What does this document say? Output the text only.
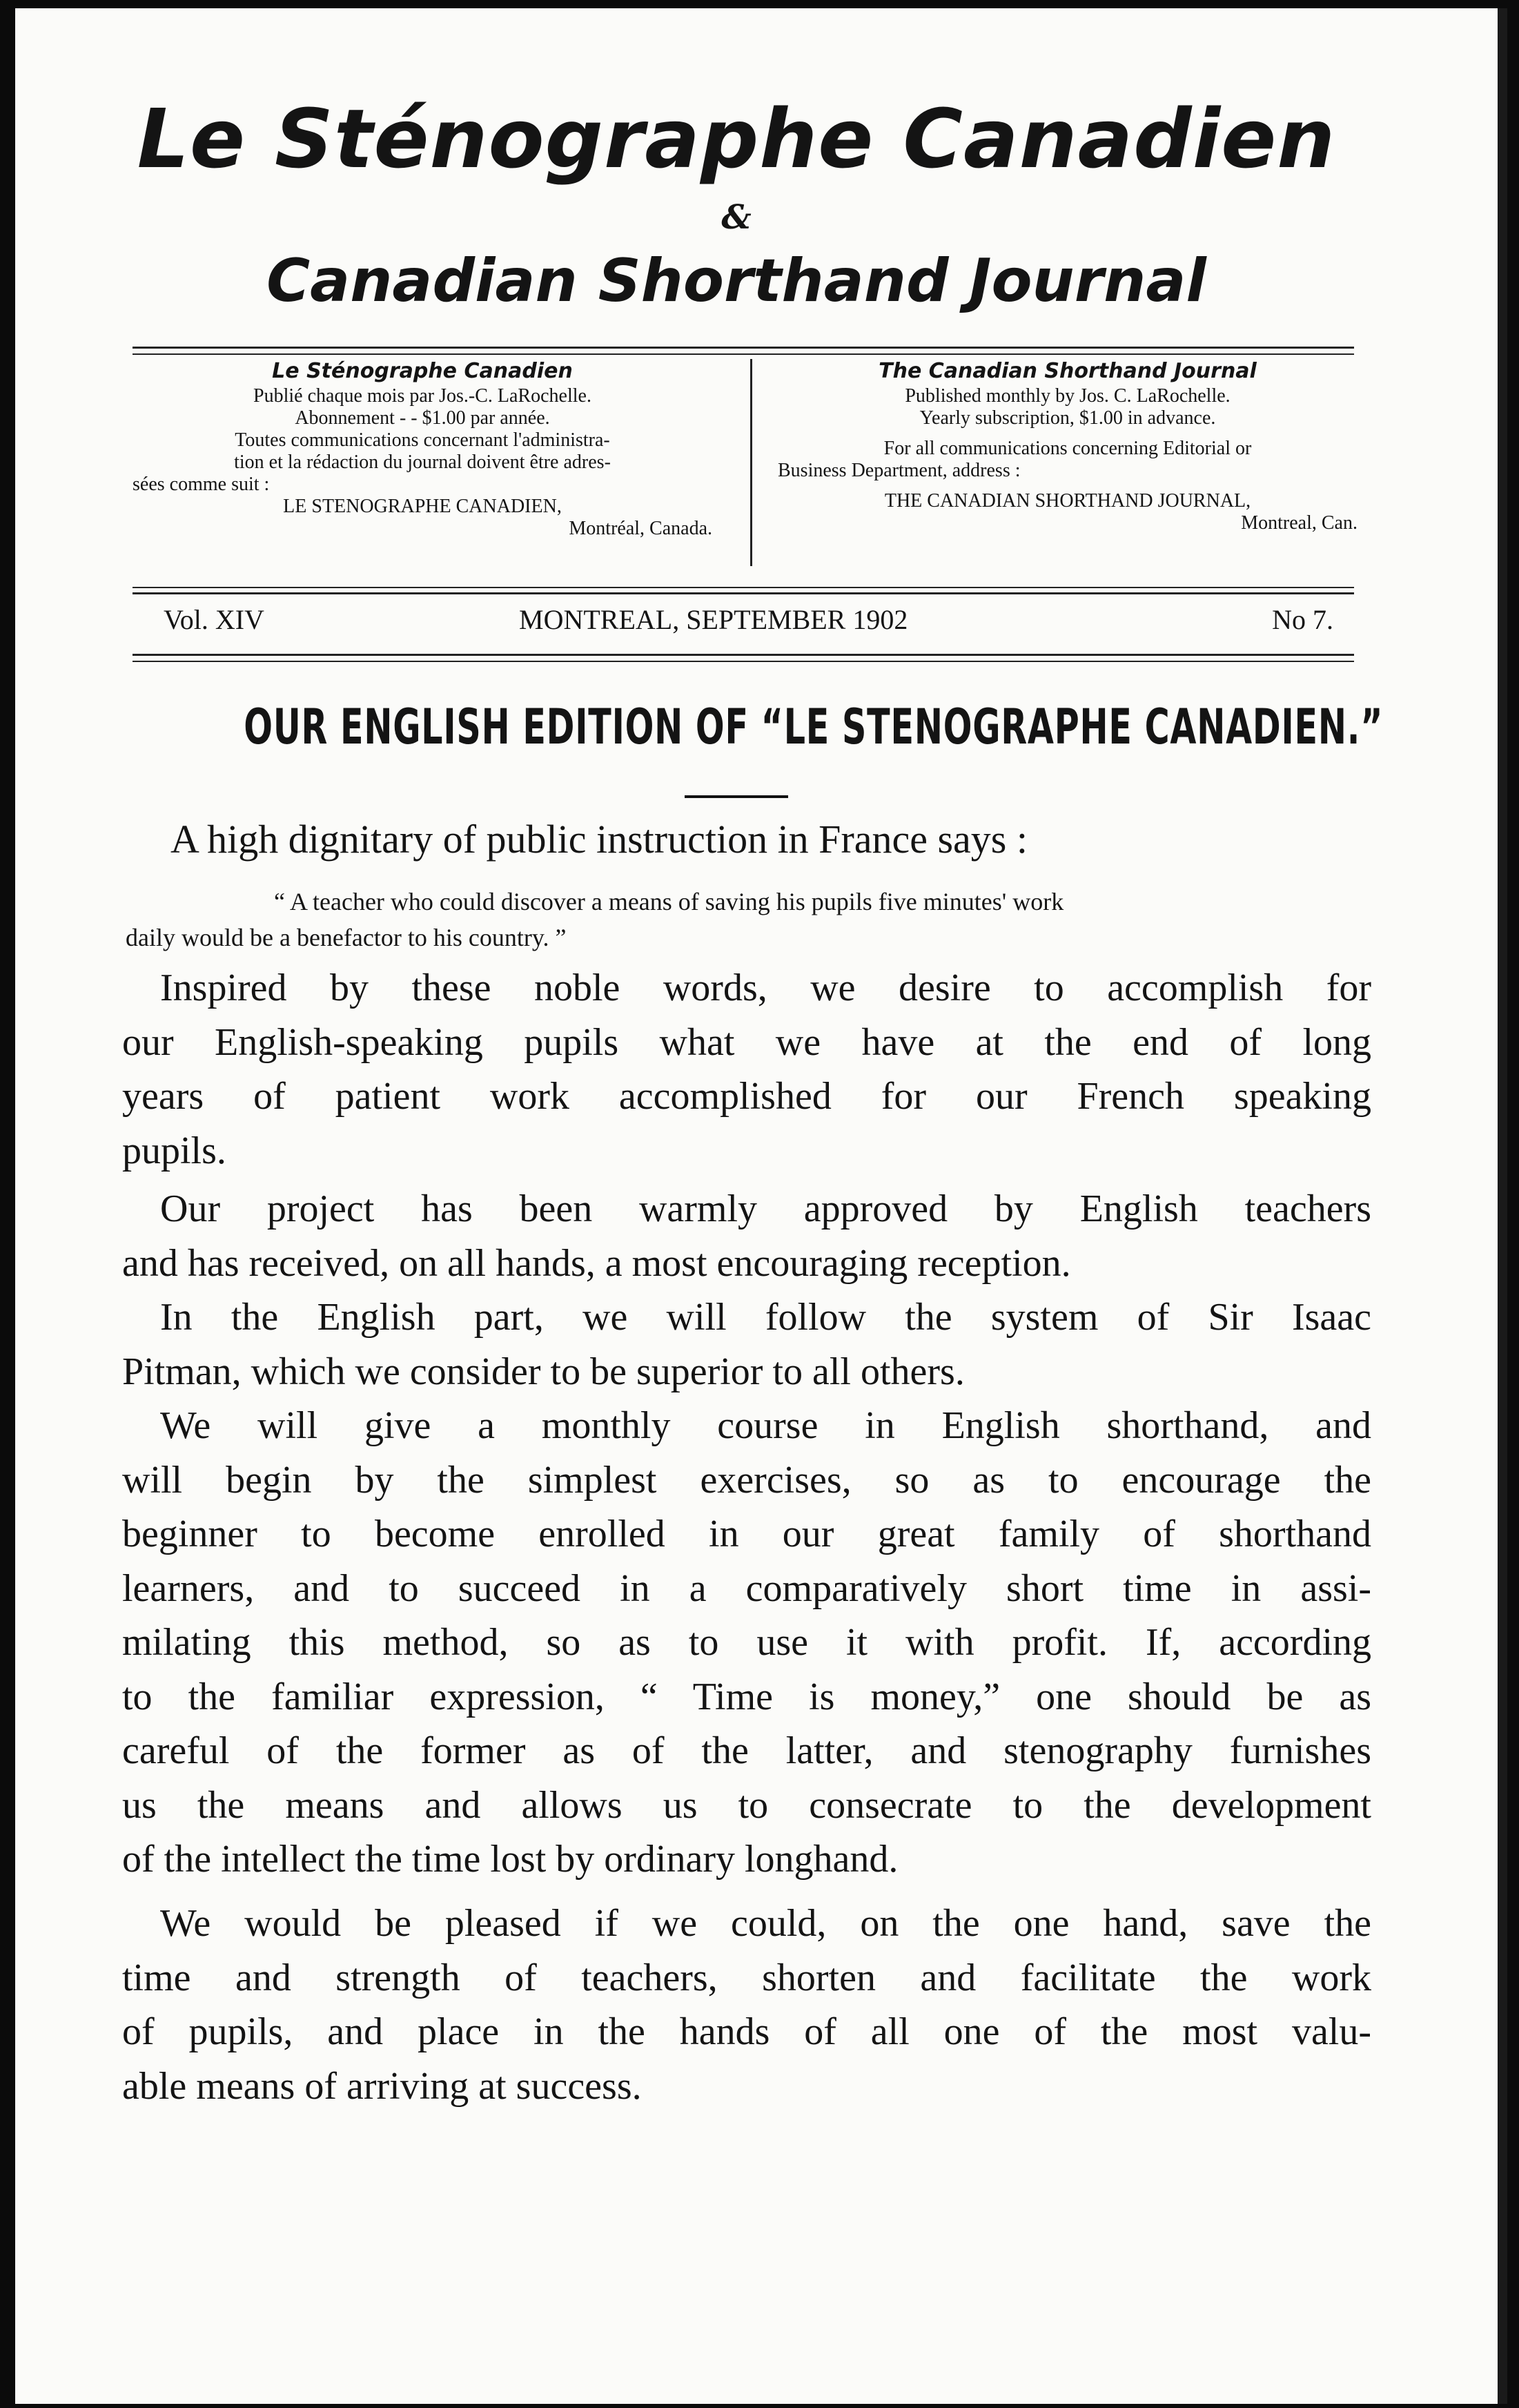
Le Sténographe Canadien
&
Canadian Shorthand Journal
Le Sténographe Canadien
Publié chaque mois par Jos.-C. LaRochelle.
Abonnement - - $1.00 par année.
Toutes communications concernant l'administra-
tion et la rédaction du journal doivent être adres-
sées comme suit :
LE STENOGRAPHE CANADIEN,
Montréal, Canada.
The Canadian Shorthand Journal
Published monthly by Jos. C. LaRochelle.
Yearly subscription, $1.00 in advance.
For all communications concerning Editorial or
Business Department, address :
THE CANADIAN SHORTHAND JOURNAL,
Montreal, Can.
Vol. XIV	MONTREAL, SEPTEMBER 1902	No 7.
OUR ENGLISH EDITION OF “LE STENOGRAPHE CANADIEN.”
A high dignitary of public instruction in France says :
“ A teacher who could discover a means of saving his pupils five minutes' work
daily would be a benefactor to his country. ”
Inspired by these noble words, we desire to accomplish for
our English-speaking pupils what we have at the end of long
years of patient work accomplished for our French speaking
pupils.
Our project has been warmly approved by English teachers
and has received, on all hands, a most encouraging reception.
In the English part, we will follow the system of Sir Isaac
Pitman, which we consider to be superior to all others.
We will give a monthly course in English shorthand, and
will begin by the simplest exercises, so as to encourage the
beginner to become enrolled in our great family of shorthand
learners, and to succeed in a comparatively short time in assi-
milating this method, so as to use it with profit. If, according
to the familiar expression, “ Time is money,” one should be as
careful of the former as of the latter, and stenography furnishes
us the means and allows us to consecrate to the development
of the intellect the time lost by ordinary longhand.
We would be pleased if we could, on the one hand, save the
time and strength of teachers, shorten and facilitate the work
of pupils, and place in the hands of all one of the most valu-
able means of arriving at success.
